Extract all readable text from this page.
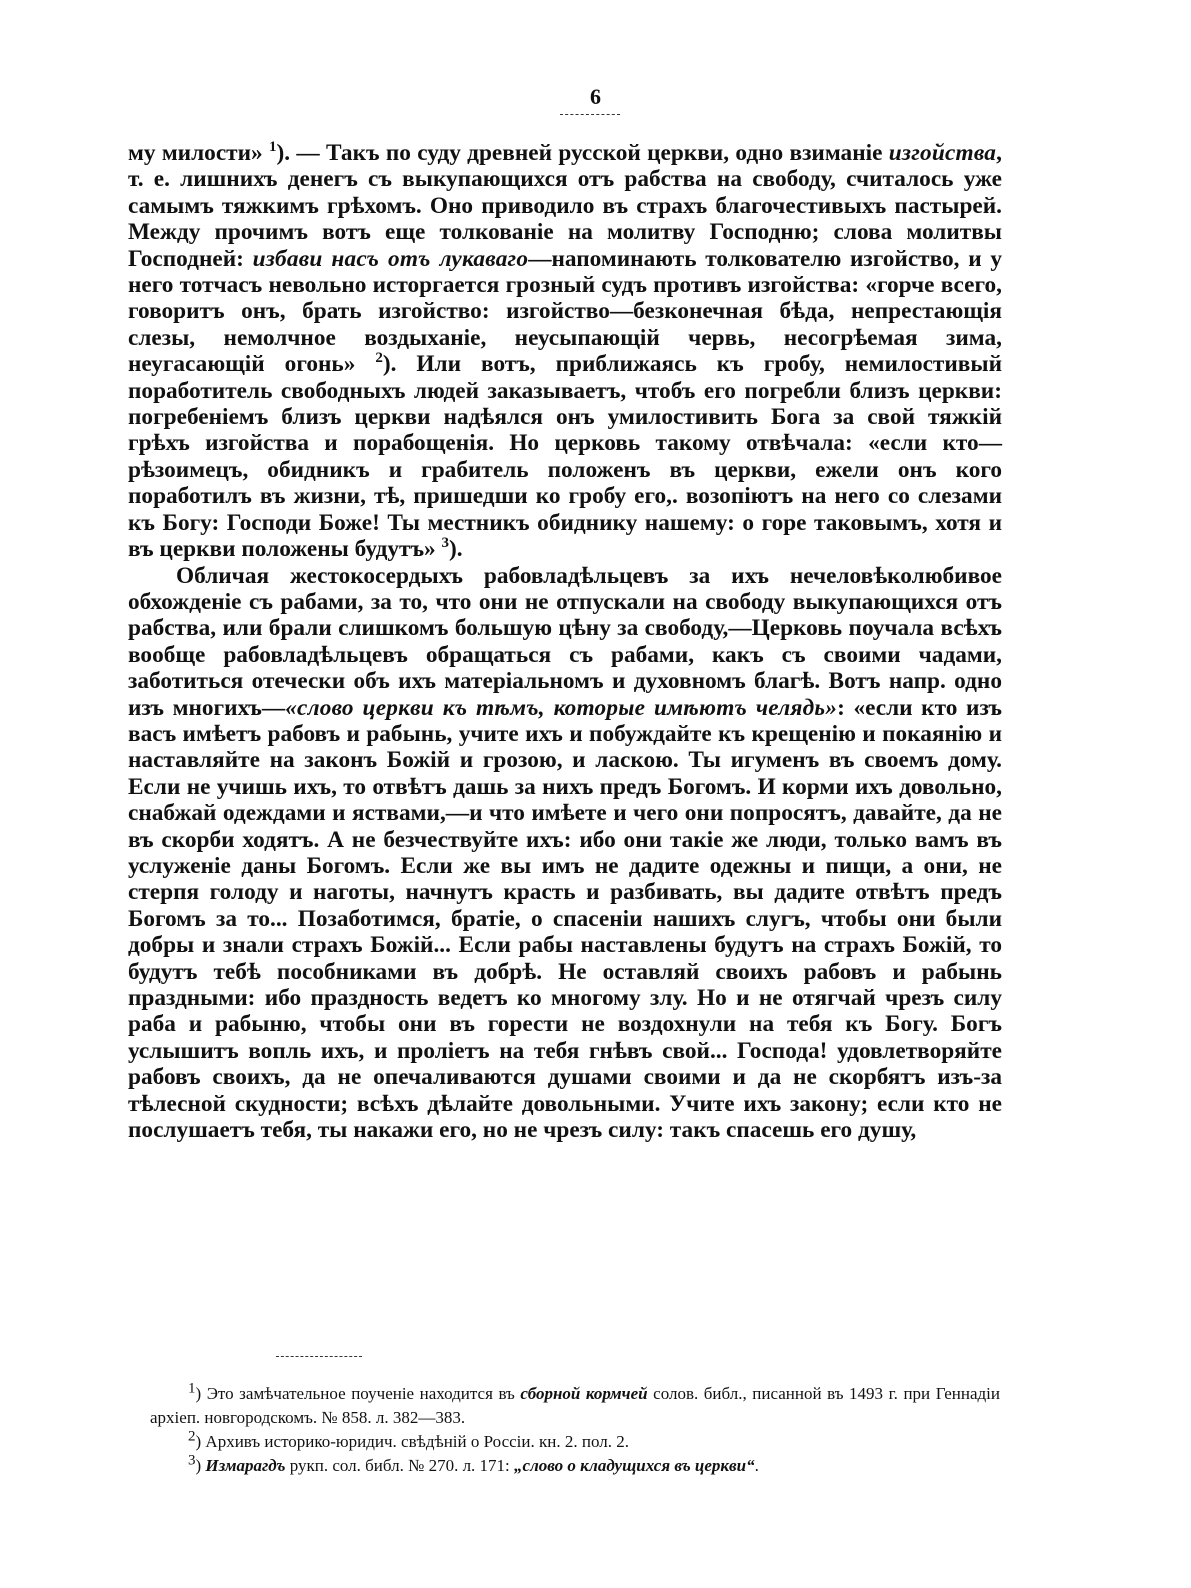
6

му милости» $^1$). — Такъ по суду древней русской церкви, одно взиманіе изгойства, т. е. лишнихъ денегъ съ выкупающихся отъ рабства на свободу, считалось уже самымъ тяжкимъ грѣхомъ. Оно приводило въ страхъ благочестивыхъ пастырей. Между прочимъ вотъ еще толкованіе на молитву Господню; слова молитвы Господней: избави насъ отъ лукаваго—напоминають толкователю изгойство, и у него тотчасъ невольно исторгается грозный судъ противъ изгойства: «горче всего, говоритъ онъ, брать изгойство: изгойство—безконечная бѣда, непрестающія слезы, немолчное воздыханіе, неусыпающій червь, несогрѣемая зима, неугасающій огонь» $^2$). Или вотъ, приближаясь къ гробу, немилостивый поработитель свободныхъ людей заказываетъ, чтобъ его погребли близъ церкви: погребеніемъ близъ церкви надѣялся онъ умилостивить Бога за свой тяжкій грѣхъ изгойства и порабощенія. Но церковь такому отвѣчала: «если кто—рѣзоимецъ, обидникъ и грабитель положенъ въ церкви, ежели онъ кого поработилъ въ жизни, тѣ, пришедши ко гробу его,. возопіютъ на него со слезами къ Богу: Господи Боже! Ты местникъ обиднику нашему: о горе таковымъ, хотя и въ церкви положены будутъ» $^3$).

Обличая жестокосердыхъ рабовладѣльцевъ за ихъ нечеловѣколюбивое обхожденіе съ рабами, за то, что они не отпускали на свободу выкупающихся отъ рабства, или брали слишкомъ большую цѣну за свободу,—Церковь поучала всѣхъ вообще рабовладѣльцевъ обращаться съ рабами, какъ съ своими чадами, заботиться отечески объ ихъ матеріальномъ и духовномъ благѣ. Вотъ напр. одно изъ многихъ—«слово церкви къ тѣмъ, которые имѣютъ челядь»: «если кто изъ васъ имѣетъ рабовъ и рабынь, учите ихъ и побуждайте къ крещенію и покаянію и наставляйте на законъ Божій и грозою, и ласкою. Ты игуменъ въ своемъ дому. Если не учишь ихъ, то отвѣтъ дашь за нихъ предъ Богомъ. И корми ихъ довольно, снабжай одеждами и яствами,—и что имѣете и чего они попросятъ, давайте, да не въ скорби ходятъ. А не безчествуйте ихъ: ибо они такіе же люди, только вамъ въ услуженіе даны Богомъ. Если же вы имъ не дадите одежны и пищи, а они, не стерпя голоду и наготы, начнутъ красть и разбивать, вы дадите отвѣтъ предъ Богомъ за то... Позаботимся, братіе, о спасеніи нашихъ слугъ, чтобы они были добры и знали страхъ Божій... Если рабы наставлены будутъ на страхъ Божій, то будутъ тебѣ пособниками въ добрѣ. Не оставляй своихъ рабовъ и рабынь праздными: ибо праздность ведетъ ко многому злу. Но и не отягчай чрезъ силу раба и рабыню, чтобы они въ горести не воздохнули на тебя къ Богу. Богъ услышитъ вопль ихъ, и пролiетъ на тебя гнѣвъ свой... Господа! удовлетворяйте рабовъ своихъ, да не опечаливаются душами своими и да не скорбятъ изъ-за тѣлесной скудности; всѣхъ дѣлайте довольными. Учите ихъ закону; если кто не послушаетъ тебя, ты накажи его, но не чрезъ силу: такъ спасешь его душу,

$^1$) Это замѣчательное поученіе находится въ сборной кормчей солов. библ., писанной въ 1493 г. при Геннадіи архіеп. новгородскомъ. № 858. л. 382—383.

$^2$) Архивъ историко-юридич. свѣдѣній о Россіи. кн. 2. пол. 2.

$^3$) Измарагдъ рукп. сол. библ. № 270. л. 171: „слово о кладущихся въ церкви“.
